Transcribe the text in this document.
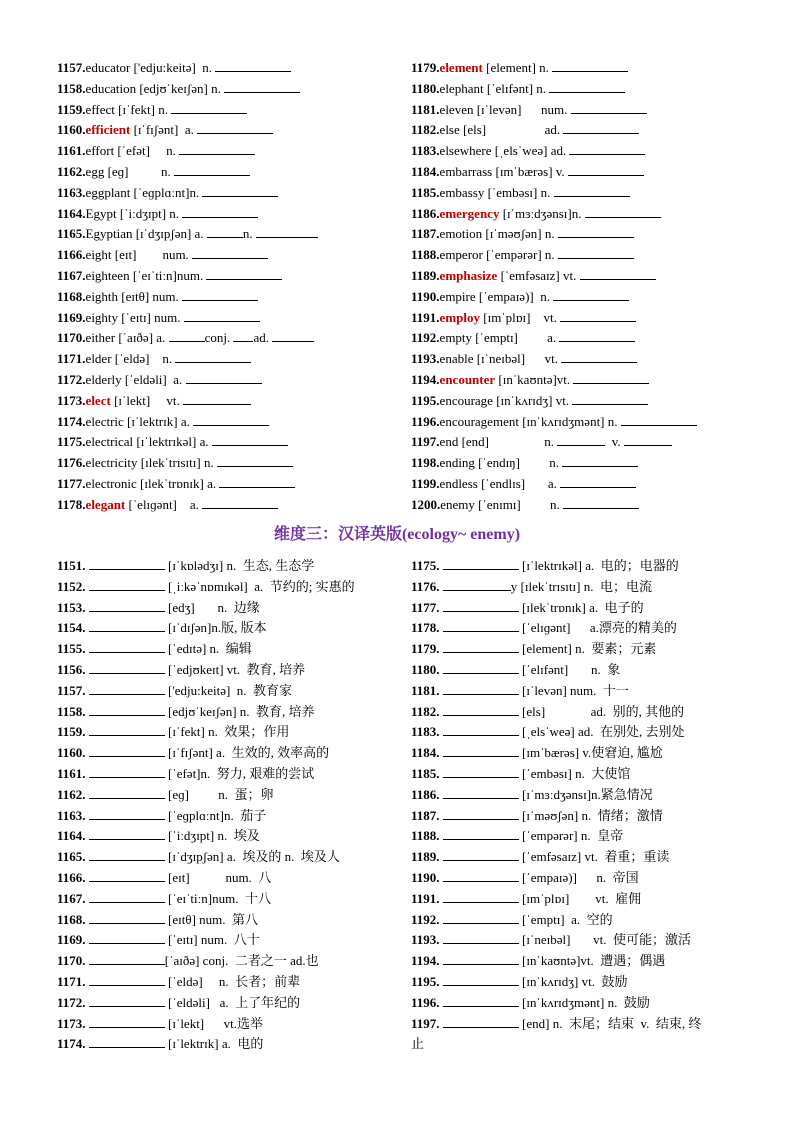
1157.educator ['edju:keitə]  n.
1158.education [edjʊˈkeɪʃən] n.
1159.effect [ɪˈfekt] n.
1160.efficient [ɪˈfɪʃənt]  a.
1161.effort [ˈefət]     n.
1162.egg [eɡ]          n.
1163.eggplant [ˈeɡplɑːnt]n.
1164.Egypt [ˈiːdʒɪpt] n.
1165.Egyptian [ɪˈdʒɪpʃən] a.	n.
1166.eight [eɪt]        num.
1167.eighteen [ˈeɪˈtiːn]num.
1168.eighth [eɪtθ] num.
1169.eighty [ˈeɪtɪ] num.
1170.either [ˈaɪðə] a.	conj. ad.
1171.elder [ˈeldə]    n.
1172.elderly [ˈeldəli]  a.
1173.elect [ɪˈlekt]     vt.
1174.electric [ɪˈlektrɪk] a.
1175.electrical [ɪˈlektrɪkəl] a.
1176.electricity [ɪlekˈtrɪsɪtɪ] n.
1177.electronic [ɪlekˈtrɒnɪk] a.
1178.elegant [ˈelɪɡənt]    a.
1179.element [element] n.
1180.elephant [ˈelɪfənt] n.
1181.eleven [ɪˈlevən]      num.
1182.else [els]                  ad.
1183.elsewhere [ˌelsˈweə] ad.
1184.embarrass [ɪmˈbærəs] v.
1185.embassy [ˈembəsɪ] n.
1186.emergency [ɪˈmɜːdʒənsɪ]n.
1187.emotion [ɪˈməʊʃən] n.
1188.emperor [ˈempərər] n.
1189.emphasize [ˈemfəsaɪz] vt.
1190.empire [ˈempaɪə)]  n.
1191.employ [ɪmˈplɒɪ]    vt.
1192.empty [ˈemptɪ]         a.
1193.enable [ɪˈneɪbəl]      vt.
1194.encounter [ɪnˈkaʊntə]vt.
1195.encourage [ɪnˈkʌrɪdʒ] vt.
1196.encouragement [ɪnˈkʌrɪdʒmənt] n.
1197.end [end]                 n.	v.
1198.ending [ˈendɪŋ]         n.
1199.endless [ˈendlɪs]       a.
1200.enemy [ˈenɪmɪ]         n.
维度三：汉译英版(ecology~ enemy)
1151.	[ɪˈkɒlədʒɪ] n.  生态, 生态学
1152.	[ˌiːkəˈnɒmɪkəl]  a.  节约的; 实惠的
1153.	[edʒ]       n.  边缘
1154.	[ɪˈdɪʃən]n.版, 版本
1155.	[ˈedɪtə] n.  编辑
1156.	[ˈedjʊkeɪt] vt.  教育, 培养
1157.	['edju:keitə]  n.  教育家
1158.	[edjʊˈkeɪʃən] n.  教育, 培养
1159.	[ɪˈfekt] n.  效果；作用
1160.	[ɪˈfɪʃənt] a.  生效的, 效率高的
1161.	[ˈefət]n.  努力, 艰难的尝试
1162.	[eɡ]         n.  蛋；卵
1163.	[ˈeɡplɑːnt]n.  茄子
1164.	[ˈiːdʒɪpt] n.  埃及
1165.	[ɪˈdʒɪpʃən] a.  埃及的 n.  埃及人
1166.	[eɪt]           num.  八
1167.	[ˈeɪˈtiːn]num.  十八
1168.	[eɪtθ] num.  第八
1169.	[ˈeɪtɪ] num.  八十
1170.	[ˈaɪðə] conj.  二者之一 ad.也
1171.	[ˈeldə]     n.  长者；前辈
1172.	[ˈeldəli]   a.  上了年纪的
1173.	[ɪˈlekt]      vt.选举
1174.	[ɪˈlektrɪk] a.  电的
1175.	[ɪˈlektrɪkəl] a.  电的；电器的
1176.	y [ɪlekˈtrɪsɪtɪ] n.  电；电流
1177.	[ɪlekˈtrɒnɪk] a.  电子的
1178.	[ˈelɪɡənt]      a.漂亮的精美的
1179.	[element] n.  要素；元素
1180.	[ˈelɪfənt]       n.  象
1181.	[ɪˈlevən] num.  十一
1182.	[els]              ad.  别的, 其他的
1183.	[ˌelsˈweə] ad.  在别处, 去别处
1184.	[ɪmˈbærəs] v.使窘迫, 尴尬
1185.	[ˈembəsɪ] n.  大使馆
1186.	[ɪˈmɜːdʒənsɪ]n.紧急情况
1187.	[ɪˈməʊʃən] n.  情绪；激情
1188.	[ˈempərər] n.  皇帝
1189.	[ˈemfəsaɪz] vt.  着重；重读
1190.	[ˈempaɪə)]      n.  帝国
1191.	[ɪmˈplɒɪ]        vt.  雇佣
1192.	[ˈemptɪ]  a.  空的
1193.	[ɪˈneɪbəl]       vt.  使可能；激活
1194.	[ɪnˈkaʊntə]vt.  遭遇；偶遇
1195.	[ɪnˈkʌrɪdʒ] vt.  鼓励
1196.	[ɪnˈkʌrɪdʒmənt] n.  鼓励
1197.	[end] n.  末尾；结束  v.  结束, 终
止
